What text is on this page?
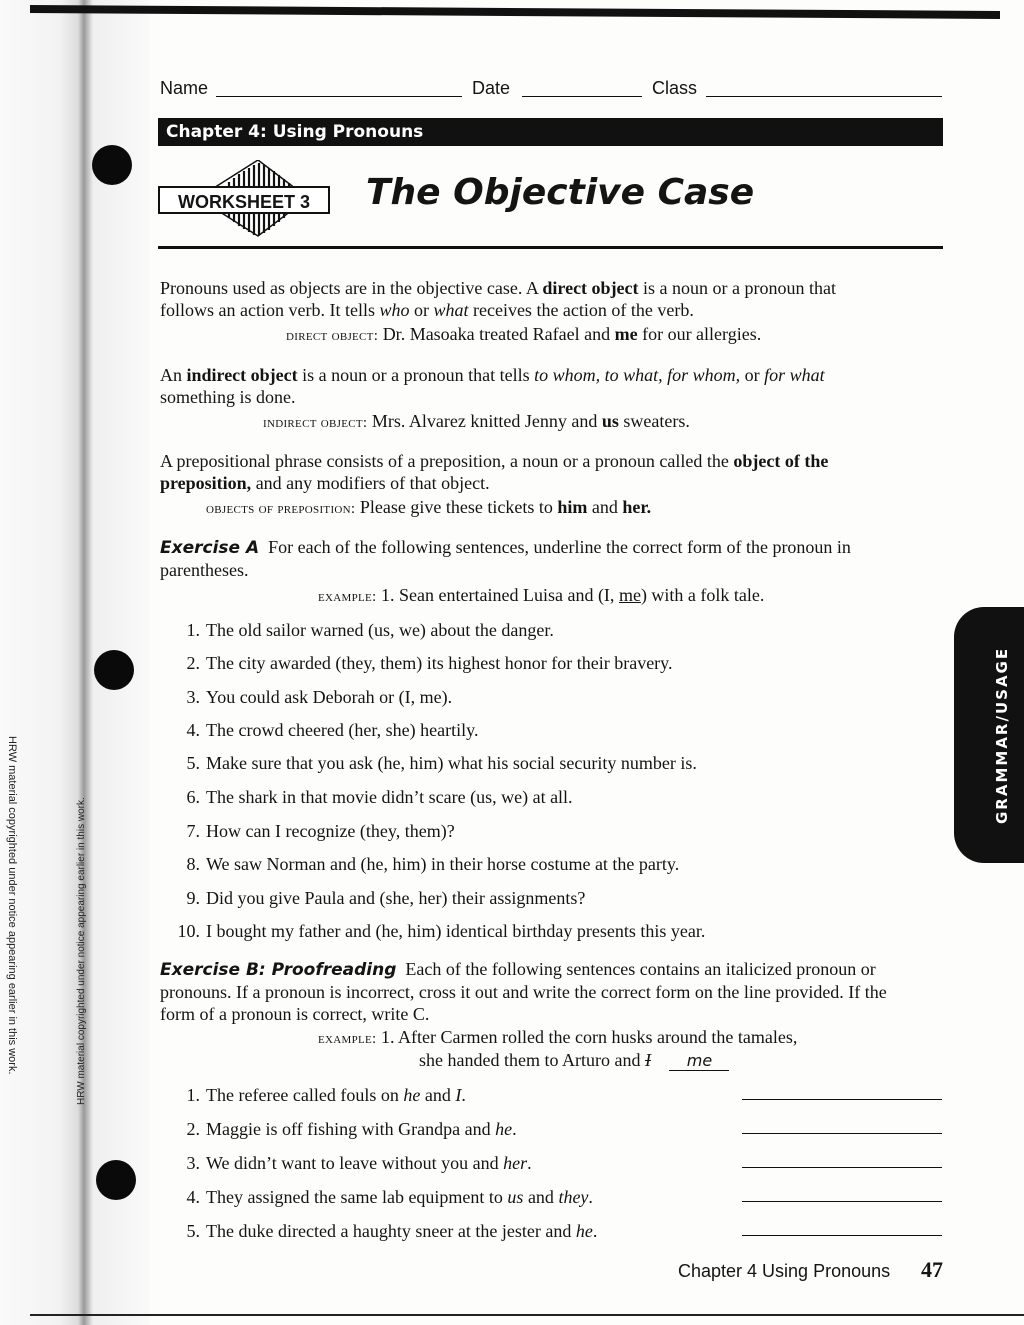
HRW material copyrighted under notice appearing earlier in this work.	HRW material copyrighted under notice appearing earlier in this work.
Name	Date	Class
Chapter 4: Using Pronouns
WORKSHEET 3	The Objective Case
Pronouns used as objects are in the objective case. A direct object is a noun or a pronoun that follows an action verb. It tells who or what receives the action of the verb.
direct object: Dr. Masoaka treated Rafael and me for our allergies.
An indirect object is a noun or a pronoun that tells to whom, to what, for whom, or for what something is done.
indirect object: Mrs. Alvarez knitted Jenny and us sweaters.
A prepositional phrase consists of a preposition, a noun or a pronoun called the object of the preposition, and any modifiers of that object.
objects of preposition: Please give these tickets to him and her.
Exercise A For each of the following sentences, underline the correct form of the pronoun in parentheses.
example: 1. Sean entertained Luisa and (I, me) with a folk tale.
1. The old sailor warned (us, we) about the danger.
2. The city awarded (they, them) its highest honor for their bravery.
3. You could ask Deborah or (I, me).
4. The crowd cheered (her, she) heartily.
5. Make sure that you ask (he, him) what his social security number is.
6. The shark in that movie didn’t scare (us, we) at all.
7. How can I recognize (they, them)?
8. We saw Norman and (he, him) in their horse costume at the party.
9. Did you give Paula and (she, her) their assignments?
10. I bought my father and (he, him) identical birthday presents this year.
Exercise B: Proofreading Each of the following sentences contains an italicized pronoun or pronouns. If a pronoun is incorrect, cross it out and write the correct form on the line provided. If the form of a pronoun is correct, write C.
example: 1. After Carmen rolled the corn husks around the tamales,
she handed them to Arturo and I me
1. The referee called fouls on he and I.
2. Maggie is off fishing with Grandpa and he.
3. We didn’t want to leave without you and her.
4. They assigned the same lab equipment to us and they.
5. The duke directed a haughty sneer at the jester and he.
GRAMMAR/USAGE
Chapter 4 Using Pronouns 47
